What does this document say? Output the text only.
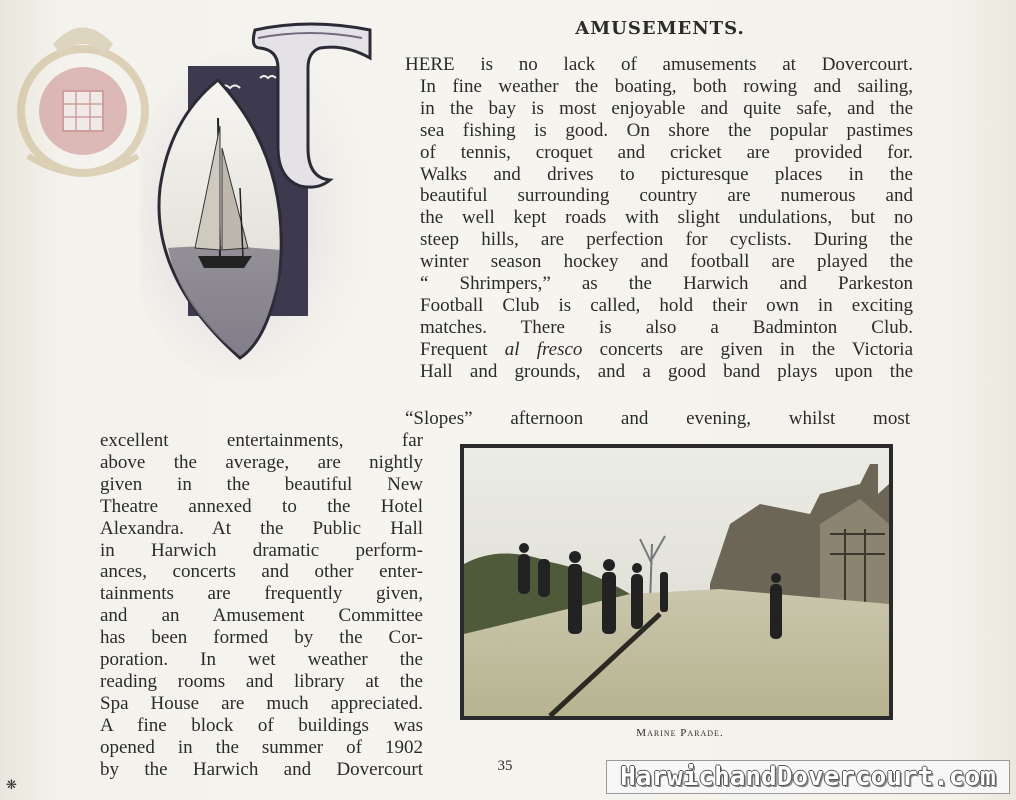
AMUSEMENTS.

HERE is no lack of amusements at Dovercourt.
In fine weather the boating, both rowing and sailing,
in the bay is most enjoyable and quite safe, and the
sea fishing is good. On shore the popular pastimes
of tennis, croquet and cricket are provided for.
Walks and drives to picturesque places in the
beautiful surrounding country are numerous and
the well kept roads with slight undulations, but no
steep hills, are perfection for cyclists. During the
winter season hockey and football are played the
“ Shrimpers,” as the Harwich and Parkeston
Football Club is called, hold their own in exciting
matches. There is also a Badminton Club.
Frequent al fresco concerts are given in the Victoria
Hall and grounds, and a good band plays upon the

“Slopes” afternoon and evening, whilst most

excellent entertainments, far
above the average, are nightly
given in the beautiful New
Theatre annexed to the Hotel
Alexandra. At the Public Hall
in Harwich dramatic perform-
ances, concerts and other enter-
tainments are frequently given,
and an Amusement Committee
has been formed by the Cor-
poration. In wet weather the
reading rooms and library at the
Spa House are much appreciated.
A fine block of buildings was
opened in the summer of 1902
by the Harwich and Dovercourt

Marine Parade.
35
❋	HarwichandDovercourt.com
